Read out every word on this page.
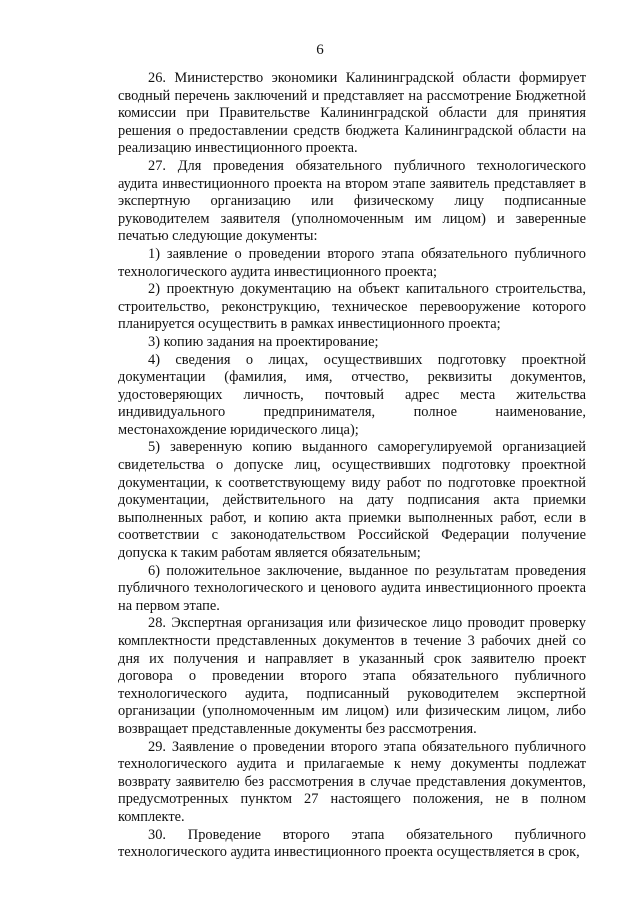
6

26. Министерство экономики Калининградской области формирует сводный перечень заключений и представляет на рассмотрение Бюджетной комиссии при Правительстве Калининградской области для принятия решения о предоставлении средств бюджета Калининградской области на реализацию инвестиционного проекта.

27. Для проведения обязательного публичного технологического аудита инвестиционного проекта на втором этапе заявитель представляет в экспертную организацию или физическому лицу подписанные руководителем заявителя (уполномоченным им лицом) и заверенные печатью следующие документы:

1) заявление о проведении второго этапа обязательного публичного технологического аудита инвестиционного проекта;

2) проектную документацию на объект капитального строительства, строительство, реконструкцию, техническое перевооружение которого планируется осуществить в рамках инвестиционного проекта;

3) копию задания на проектирование;

4) сведения о лицах, осуществивших подготовку проектной документации (фамилия, имя, отчество, реквизиты документов, удостоверяющих личность, почтовый адрес места жительства индивидуального предпринимателя, полное наименование, местонахождение юридического лица);

5) заверенную копию выданного саморегулируемой организацией свидетельства о допуске лиц, осуществивших подготовку проектной документации, к соответствующему виду работ по подготовке проектной документации, действительного на дату подписания акта приемки выполненных работ, и копию акта приемки выполненных работ, если в соответствии с законодательством Российской Федерации получение допуска к таким работам является обязательным;

6) положительное заключение, выданное по результатам проведения публичного технологического и ценового аудита инвестиционного проекта на первом этапе.

28. Экспертная организация или физическое лицо проводит проверку комплектности представленных документов в течение 3 рабочих дней со дня их получения и направляет в указанный срок заявителю проект договора о проведении второго этапа обязательного публичного технологического аудита, подписанный руководителем экспертной организации (уполномоченным им лицом) или физическим лицом, либо возвращает представленные документы без рассмотрения.

29. Заявление о проведении второго этапа обязательного публичного технологического аудита и прилагаемые к нему документы подлежат возврату заявителю без рассмотрения в случае представления документов, предусмотренных пунктом 27 настоящего положения, не в полном комплекте.

30. Проведение второго этапа обязательного публичного технологического аудита инвестиционного проекта осуществляется в срок,
